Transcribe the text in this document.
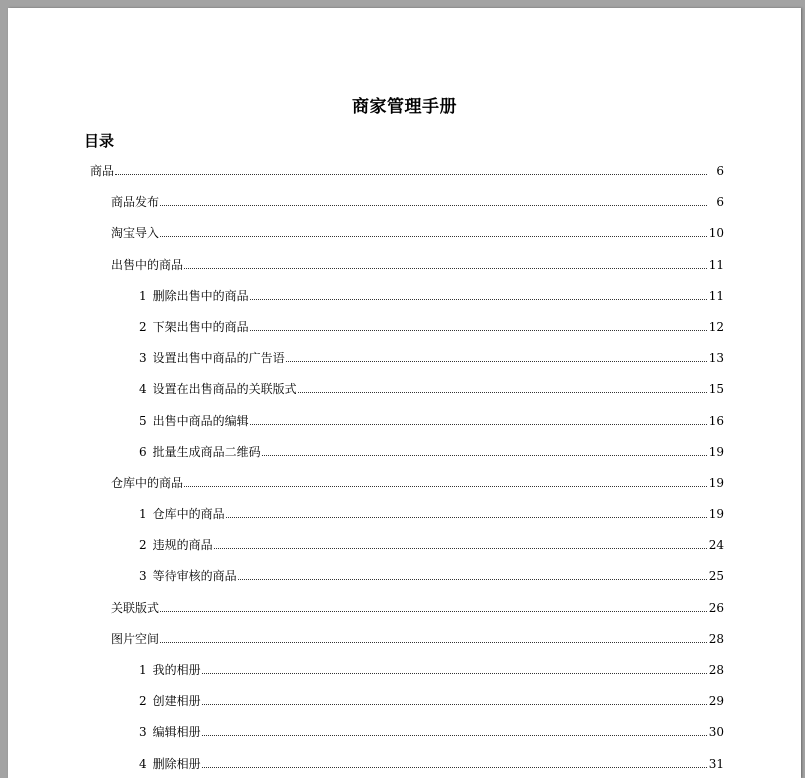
商家管理手册
目录
商品	6
商品发布	6
淘宝导入	10
出售中的商品	11
1 删除出售中的商品	11
2 下架出售中的商品	12
3 设置出售中商品的广告语	13
4 设置在出售商品的关联版式	15
5 出售中商品的编辑	16
6 批量生成商品二维码	19
仓库中的商品	19
1 仓库中的商品	19
2 违规的商品	24
3 等待审核的商品	25
关联版式	26
图片空间	28
1 我的相册	28
2 创建相册	29
3 编辑相册	30
4 删除相册	31
